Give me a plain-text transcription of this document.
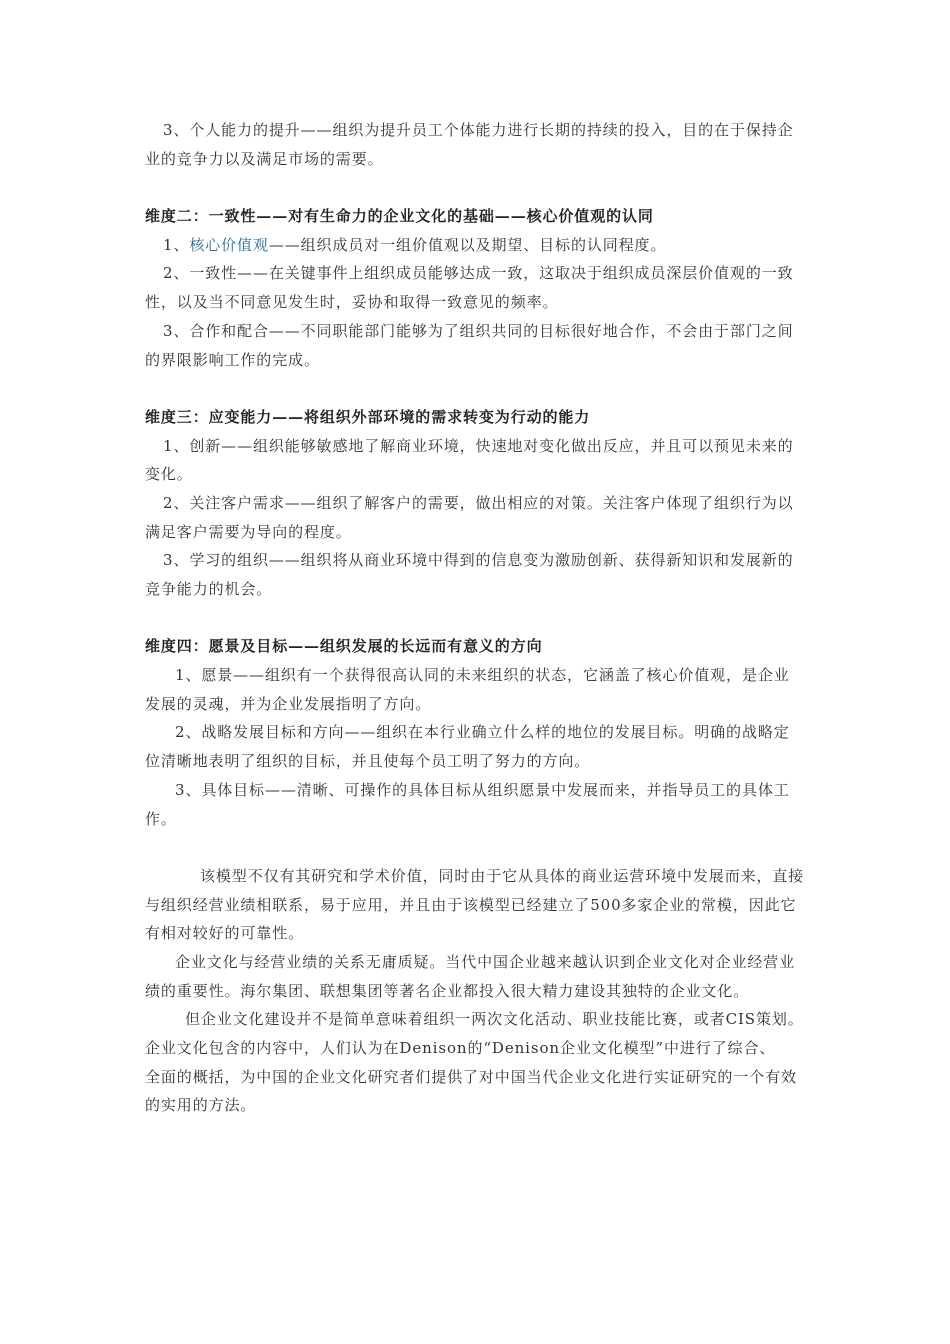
3、个人能力的提升——组织为提升员工个体能力进行长期的持续的投入，目的在于保持企
业的竞争力以及满足市场的需要。
维度二：一致性——对有生命力的企业文化的基础——核心价值观的认同
1、核心价值观——组织成员对一组价值观以及期望、目标的认同程度。
2、一致性——在关键事件上组织成员能够达成一致，这取决于组织成员深层价值观的一致
性，以及当不同意见发生时，妥协和取得一致意见的频率。
3、合作和配合——不同职能部门能够为了组织共同的目标很好地合作，不会由于部门之间
的界限影响工作的完成。
维度三：应变能力——将组织外部环境的需求转变为行动的能力
1、创新——组织能够敏感地了解商业环境，快速地对变化做出反应，并且可以预见未来的
变化。
2、关注客户需求——组织了解客户的需要，做出相应的对策。关注客户体现了组织行为以
满足客户需要为导向的程度。
3、学习的组织——组织将从商业环境中得到的信息变为激励创新、获得新知识和发展新的
竞争能力的机会。
维度四：愿景及目标——组织发展的长远而有意义的方向
1、愿景——组织有一个获得很高认同的未来组织的状态，它涵盖了核心价值观，是企业
发展的灵魂，并为企业发展指明了方向。
2、战略发展目标和方向——组织在本行业确立什么样的地位的发展目标。明确的战略定
位清晰地表明了组织的目标，并且使每个员工明了努力的方向。
3、具体目标——清晰、可操作的具体目标从组织愿景中发展而来，并指导员工的具体工
作。
该模型不仅有其研究和学术价值，同时由于它从具体的商业运营环境中发展而来，直接
与组织经营业绩相联系，易于应用，并且由于该模型已经建立了500多家企业的常模，因此它
有相对较好的可靠性。
企业文化与经营业绩的关系无庸质疑。当代中国企业越来越认识到企业文化对企业经营业
绩的重要性。海尔集团、联想集团等著名企业都投入很大精力建设其独特的企业文化。
但企业文化建设并不是简单意味着组织一两次文化活动、职业技能比赛，或者CIS策划。
企业文化包含的内容中，人们认为在Denison的“Denison企业文化模型”中进行了综合、
全面的概括，为中国的企业文化研究者们提供了对中国当代企业文化进行实证研究的一个有效
的实用的方法。
